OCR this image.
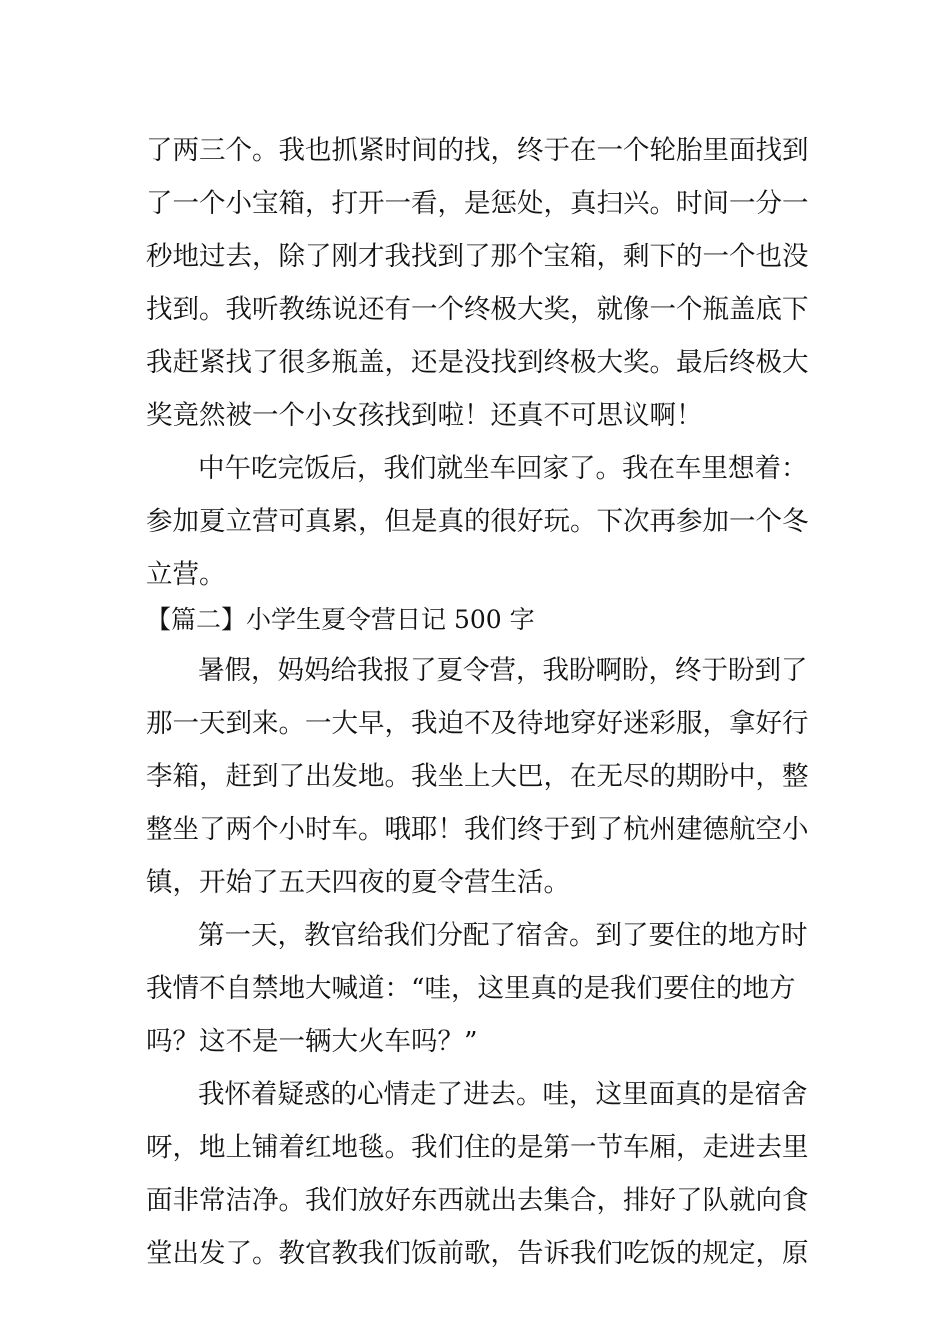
了两三个。我也抓紧时间的找，终于在一个轮胎里面找到
了一个小宝箱，打开一看，是惩处，真扫兴。时间一分一
秒地过去，除了刚才我找到了那个宝箱，剩下的一个也没
找到。我听教练说还有一个终极大奖，就像一个瓶盖底下
我赶紧找了很多瓶盖，还是没找到终极大奖。最后终极大
奖竟然被一个小女孩找到啦！还真不可思议啊！
中午吃完饭后，我们就坐车回家了。我在车里想着：
参加夏立营可真累，但是真的很好玩。下次再参加一个冬
立营。
【篇二】小学生夏令营日记 500 字
暑假，妈妈给我报了夏令营，我盼啊盼，终于盼到了
那一天到来。一大早，我迫不及待地穿好迷彩服，拿好行
李箱，赶到了出发地。我坐上大巴，在无尽的期盼中，整
整坐了两个小时车。哦耶！我们终于到了杭州建德航空小
镇，开始了五天四夜的夏令营生活。
第一天，教官给我们分配了宿舍。到了要住的地方时
我情不自禁地大喊道：“哇，这里真的是我们要住的地方
吗？这不是一辆大火车吗？”
我怀着疑惑的心情走了进去。哇，这里面真的是宿舍
呀，地上铺着红地毯。我们住的是第一节车厢，走进去里
面非常洁净。我们放好东西就出去集合，排好了队就向食
堂出发了。教官教我们饭前歌，告诉我们吃饭的规定，原
